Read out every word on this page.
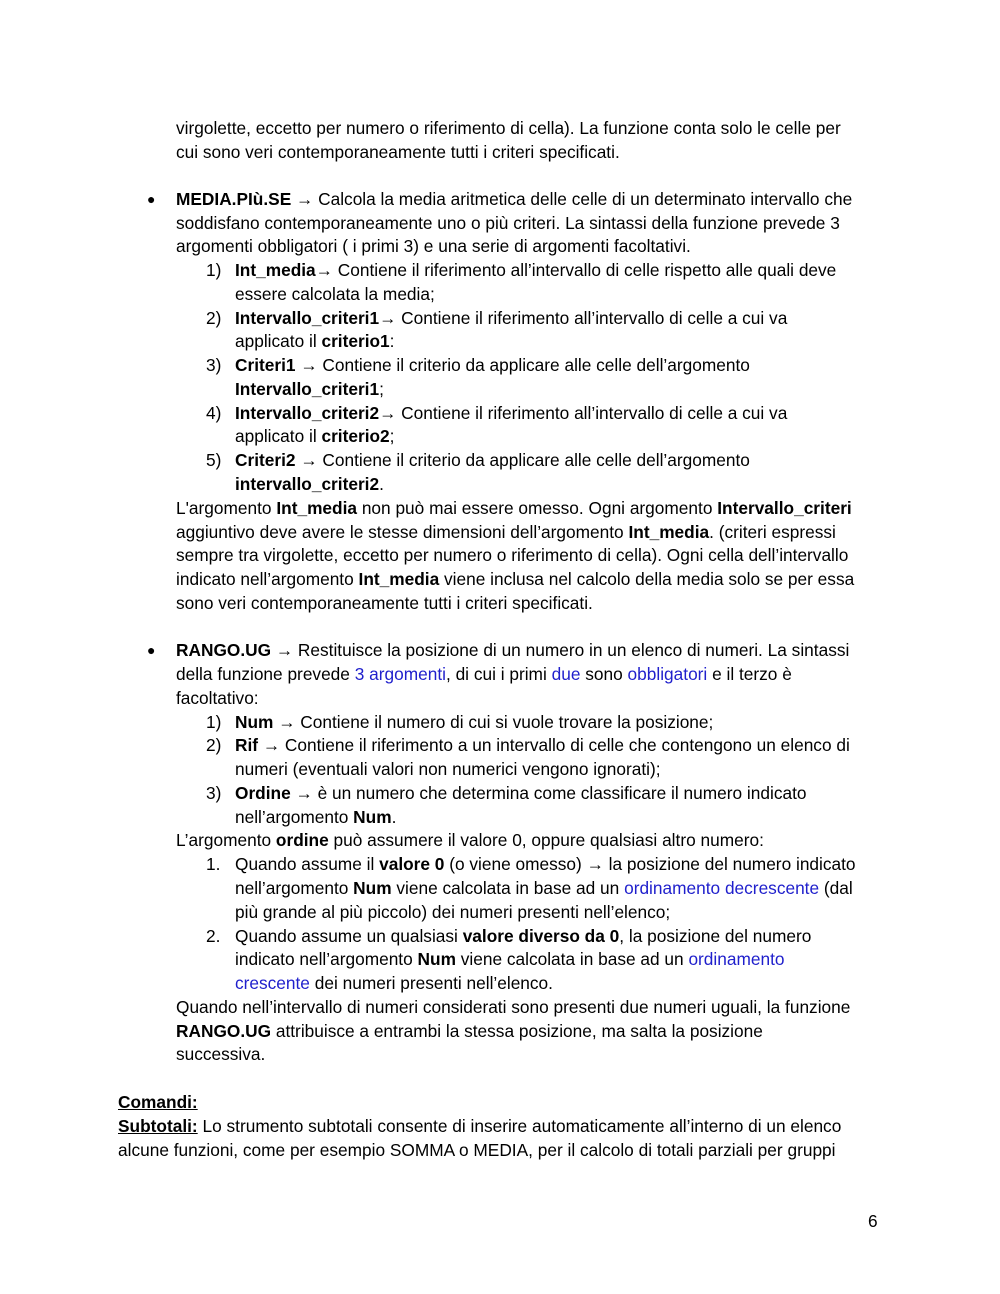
virgolette, eccetto per numero o riferimento di cella). La funzione conta solo le celle per
cui sono veri contemporaneamente tutti i criteri specificati.
● MEDIA.PIù.SE → Calcola la media aritmetica delle celle di un determinato intervallo che
soddisfano contemporaneamente uno o più criteri. La sintassi della funzione prevede 3
argomenti obbligatori ( i primi 3) e una serie di argomenti facoltativi.
1) Int_media→ Contiene il riferimento all’intervallo di celle rispetto alle quali deve
essere calcolata la media;
2) Intervallo_criteri1→ Contiene il riferimento all’intervallo di celle a cui va
applicato il criterio1:
3) Criteri1 → Contiene il criterio da applicare alle celle dell’argomento
Intervallo_criteri1;
4) Intervallo_criteri2→ Contiene il riferimento all’intervallo di celle a cui va
applicato il criterio2;
5) Criteri2 → Contiene il criterio da applicare alle celle dell’argomento
intervallo_criteri2.
L'argomento Int_media non può mai essere omesso. Ogni argomento Intervallo_criteri
aggiuntivo deve avere le stesse dimensioni dell’argomento Int_media. (criteri espressi
sempre tra virgolette, eccetto per numero o riferimento di cella). Ogni cella dell’intervallo
indicato nell’argomento Int_media viene inclusa nel calcolo della media solo se per essa
sono veri contemporaneamente tutti i criteri specificati.
● RANGO.UG → Restituisce la posizione di un numero in un elenco di numeri. La sintassi
della funzione prevede 3 argomenti, di cui i primi due sono obbligatori e il terzo è
facoltativo:
1) Num → Contiene il numero di cui si vuole trovare la posizione;
2) Rif → Contiene il riferimento a un intervallo di celle che contengono un elenco di
numeri (eventuali valori non numerici vengono ignorati);
3) Ordine → è un numero che determina come classificare il numero indicato
nell’argomento Num.
L’argomento ordine può assumere il valore 0, oppure qualsiasi altro numero:
1. Quando assume il valore 0 (o viene omesso) → la posizione del numero indicato
nell’argomento Num viene calcolata in base ad un ordinamento decrescente (dal
più grande al più piccolo) dei numeri presenti nell’elenco;
2. Quando assume un qualsiasi valore diverso da 0, la posizione del numero
indicato nell’argomento Num viene calcolata in base ad un ordinamento
crescente dei numeri presenti nell’elenco.
Quando nell’intervallo di numeri considerati sono presenti due numeri uguali, la funzione
RANGO.UG attribuisce a entrambi la stessa posizione, ma salta la posizione
successiva.
Comandi:
Subtotali: Lo strumento subtotali consente di inserire automaticamente all’interno di un elenco
alcune funzioni, come per esempio SOMMA o MEDIA, per il calcolo di totali parziali per gruppi
6
